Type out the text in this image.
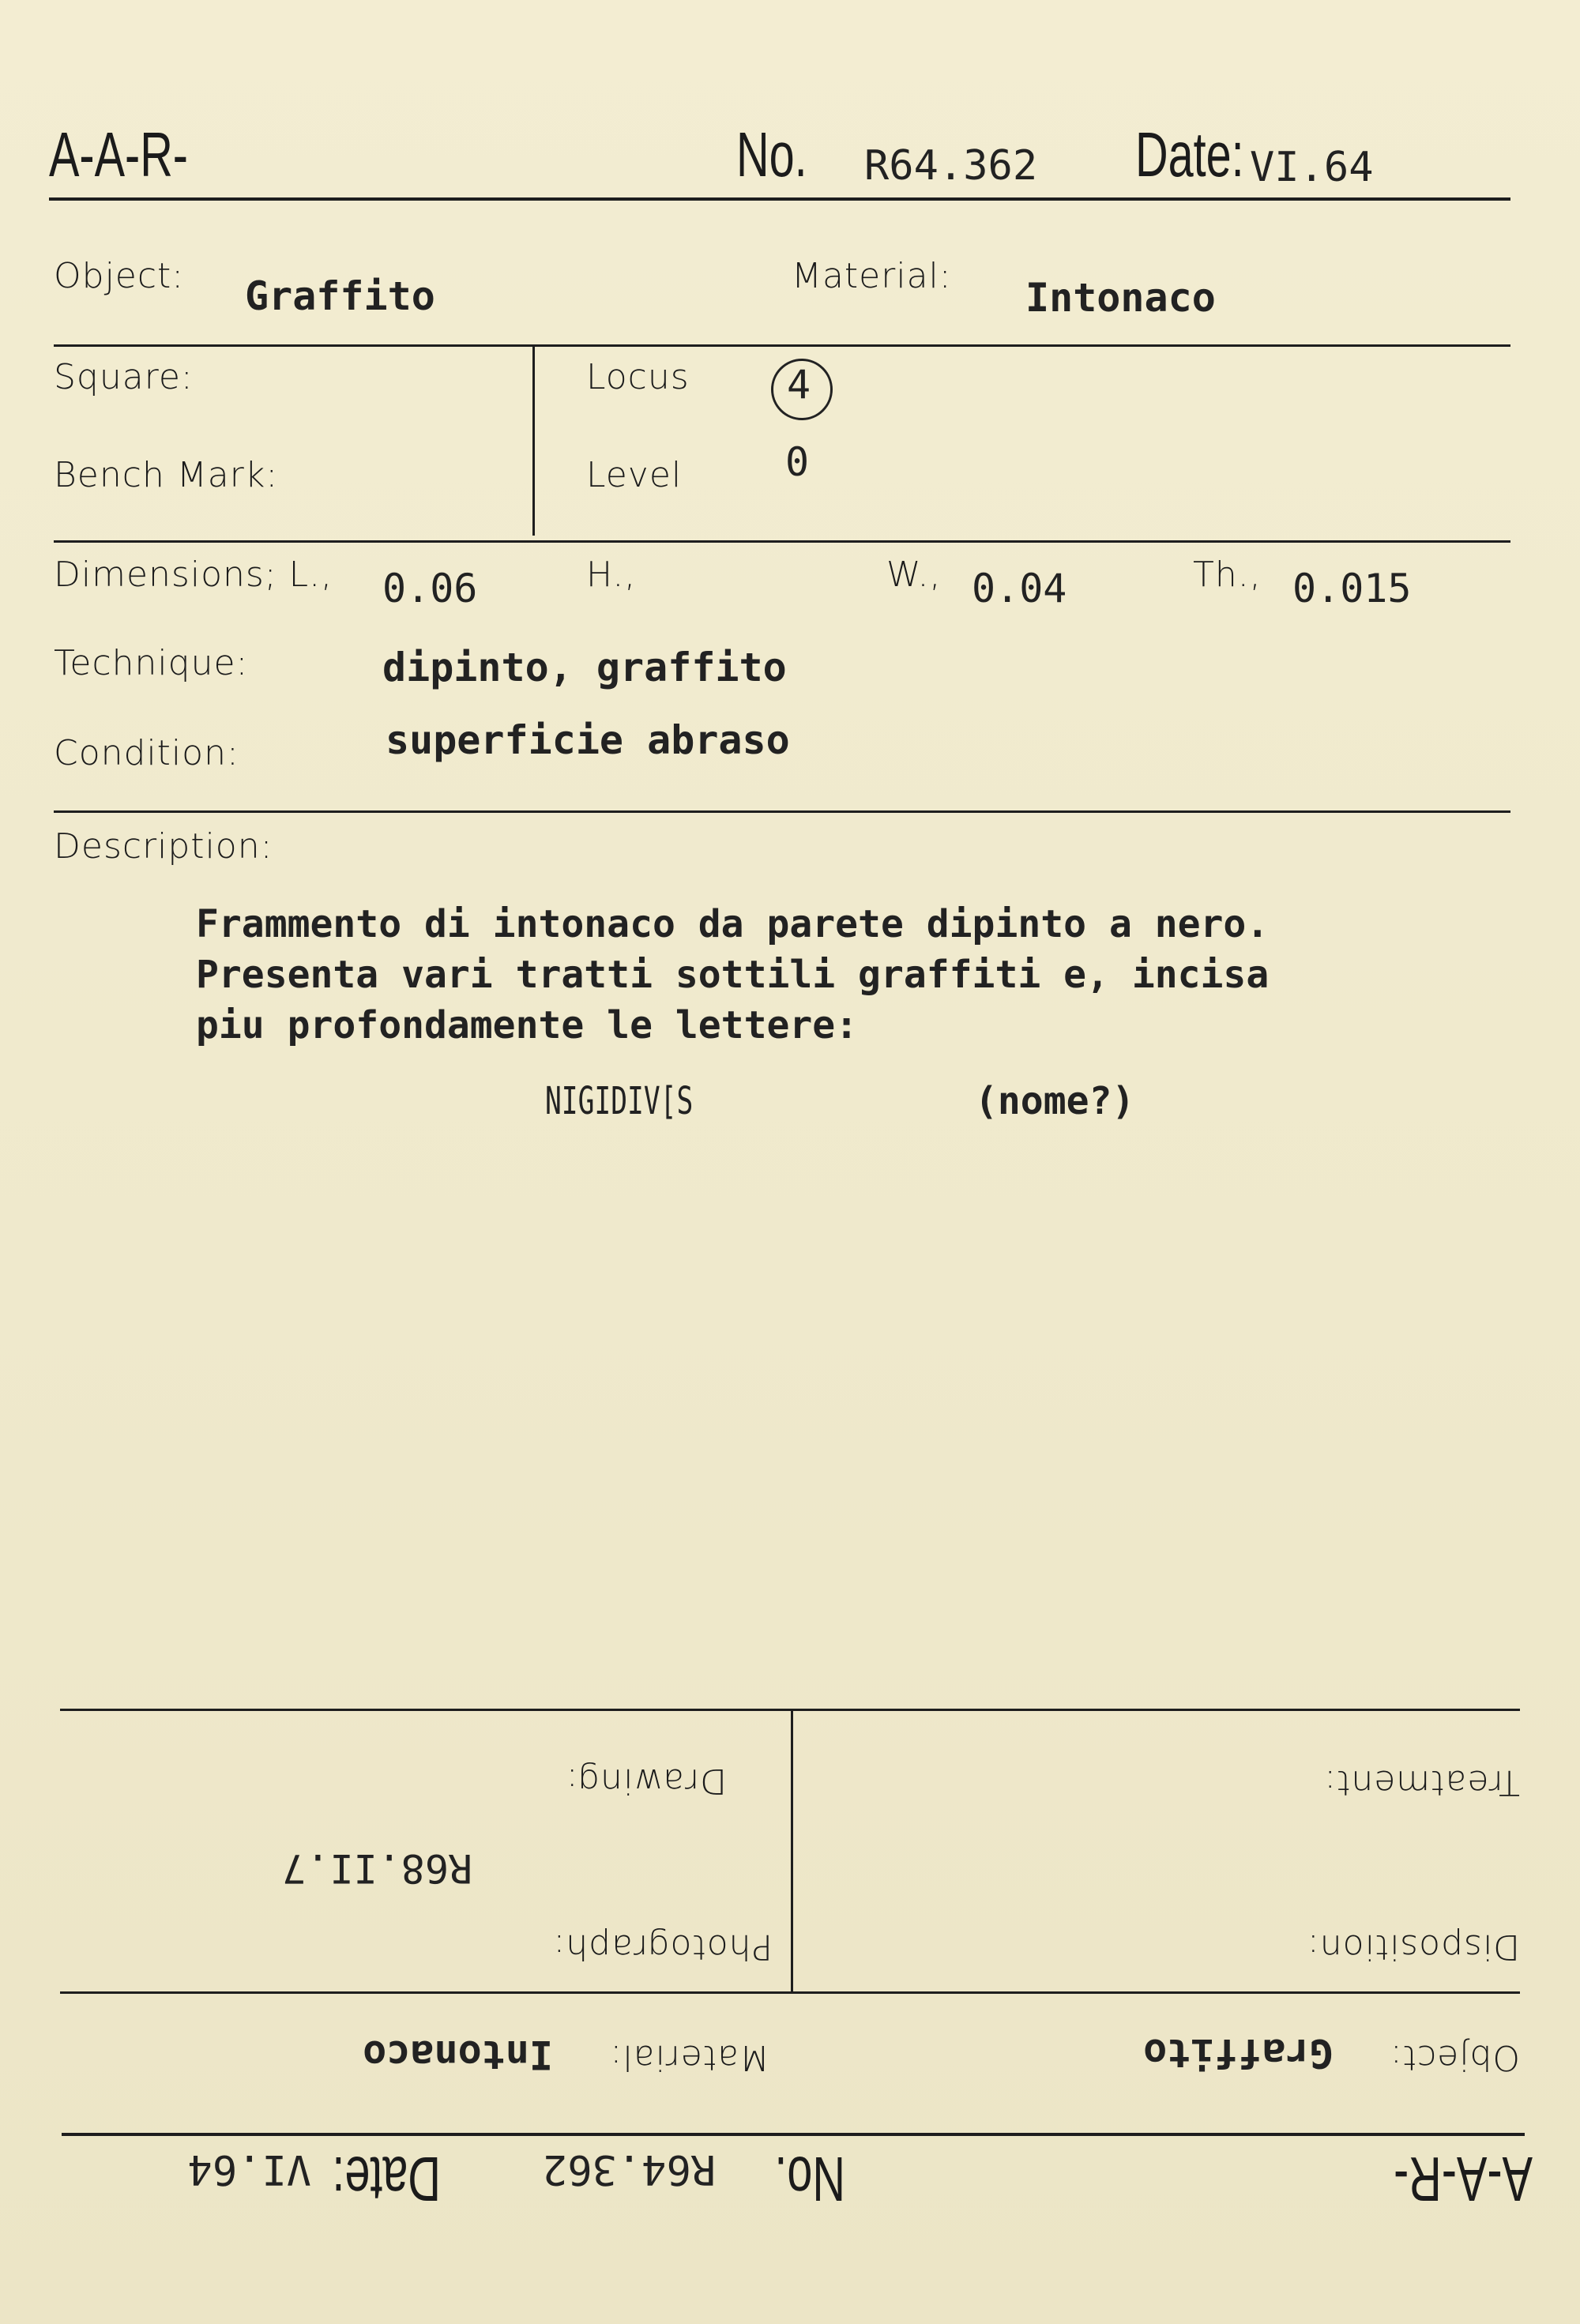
A-A-R-	No. R64.362 Date: VI.64
Object: Graffito	Material: Intonaco
Square:
Bench Mark:
Locus 4
Level	0
Dimensions; L., 0.06	H.,	W., 0.04	Th., 0.015
Technique:	dipinto, graffito
Condition:	superficie abraso
Description:
Frammento di intonaco da parete dipinto a nero.
Presenta vari tratti sottili graffiti e, incisa
piu profondamente le lettere:
NIGIDIV[S	(nome?)
A-A-R-
No.
R64.362
Date:
VI.64
Object:
Graffito
Material:
Intonaco
Disposition:
Photograph:
R68.II.7
Treatment:
Drawing:
